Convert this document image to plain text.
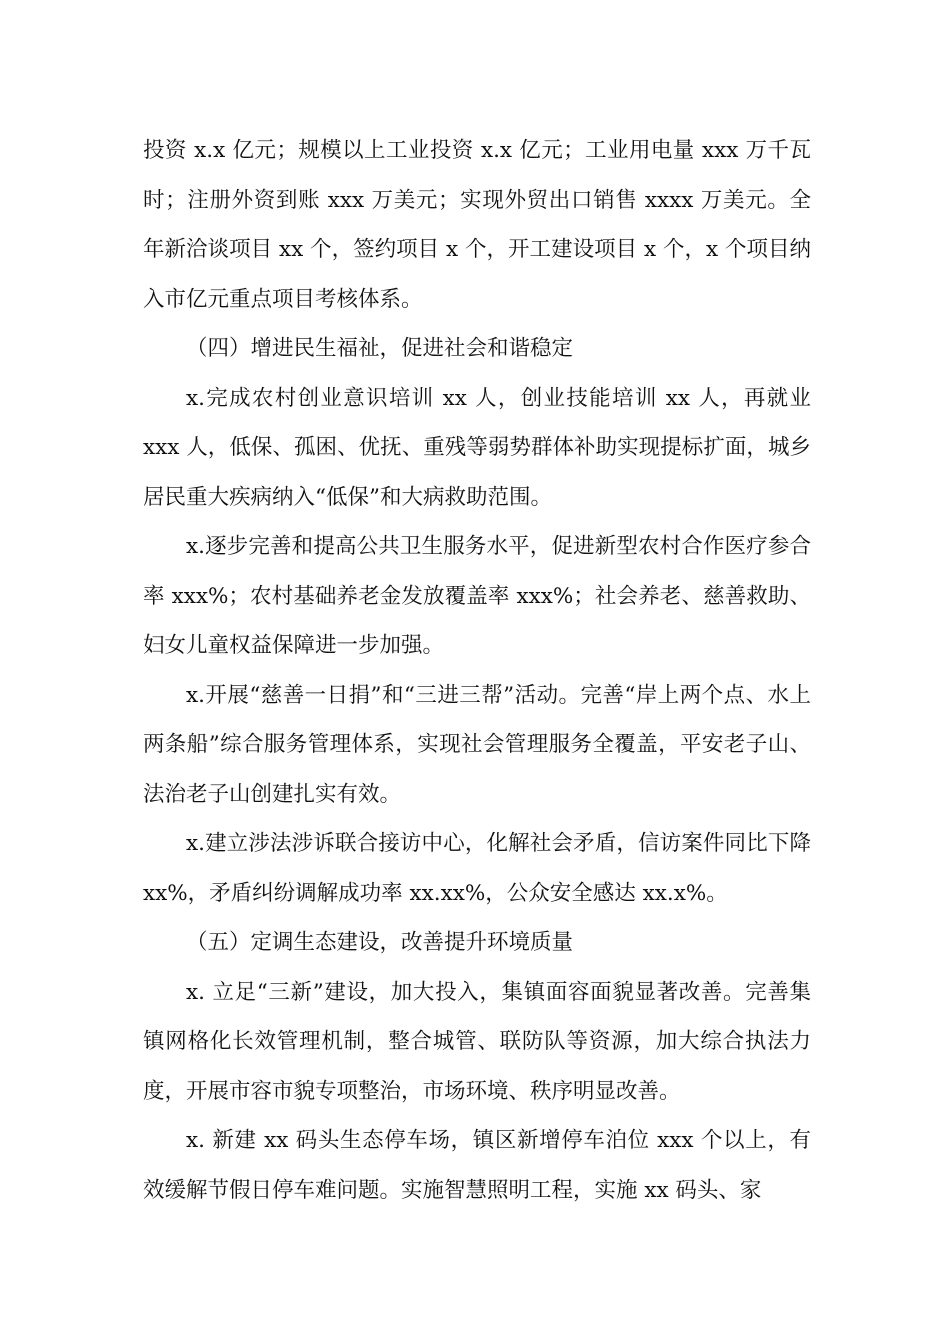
投资 x.x 亿元；规模以上工业投资 x.x 亿元；工业用电量 xxx 万千瓦时；注册外资到账 xxx 万美元；实现外贸出口销售 xxxx 万美元。全年新洽谈项目 xx 个，签约项目 x 个，开工建设项目 x 个，x 个项目纳入市亿元重点项目考核体系。

（四）增进民生福祉，促进社会和谐稳定

x.完成农村创业意识培训 xx 人，创业技能培训 xx 人，再就业 xxx 人，低保、孤困、优抚、重残等弱势群体补助实现提标扩面，城乡居民重大疾病纳入“低保”和大病救助范围。

x.逐步完善和提高公共卫生服务水平，促进新型农村合作医疗参合率 xxx%；农村基础养老金发放覆盖率 xxx%；社会养老、慈善救助、妇女儿童权益保障进一步加强。

x.开展“慈善一日捐”和“三进三帮”活动。完善“岸上两个点、水上两条船”综合服务管理体系，实现社会管理服务全覆盖，平安老子山、法治老子山创建扎实有效。

x.建立涉法涉诉联合接访中心，化解社会矛盾，信访案件同比下降 xx%，矛盾纠纷调解成功率 xx.xx%，公众安全感达 xx.x%。

（五）定调生态建设，改善提升环境质量

x. 立足“三新”建设，加大投入，集镇面容面貌显著改善。完善集镇网格化长效管理机制，整合城管、联防队等资源，加大综合执法力度，开展市容市貌专项整治，市场环境、秩序明显改善。

x. 新建 xx 码头生态停车场，镇区新增停车泊位 xxx 个以上，有效缓解节假日停车难问题。实施智慧照明工程，实施 xx 码头、家
